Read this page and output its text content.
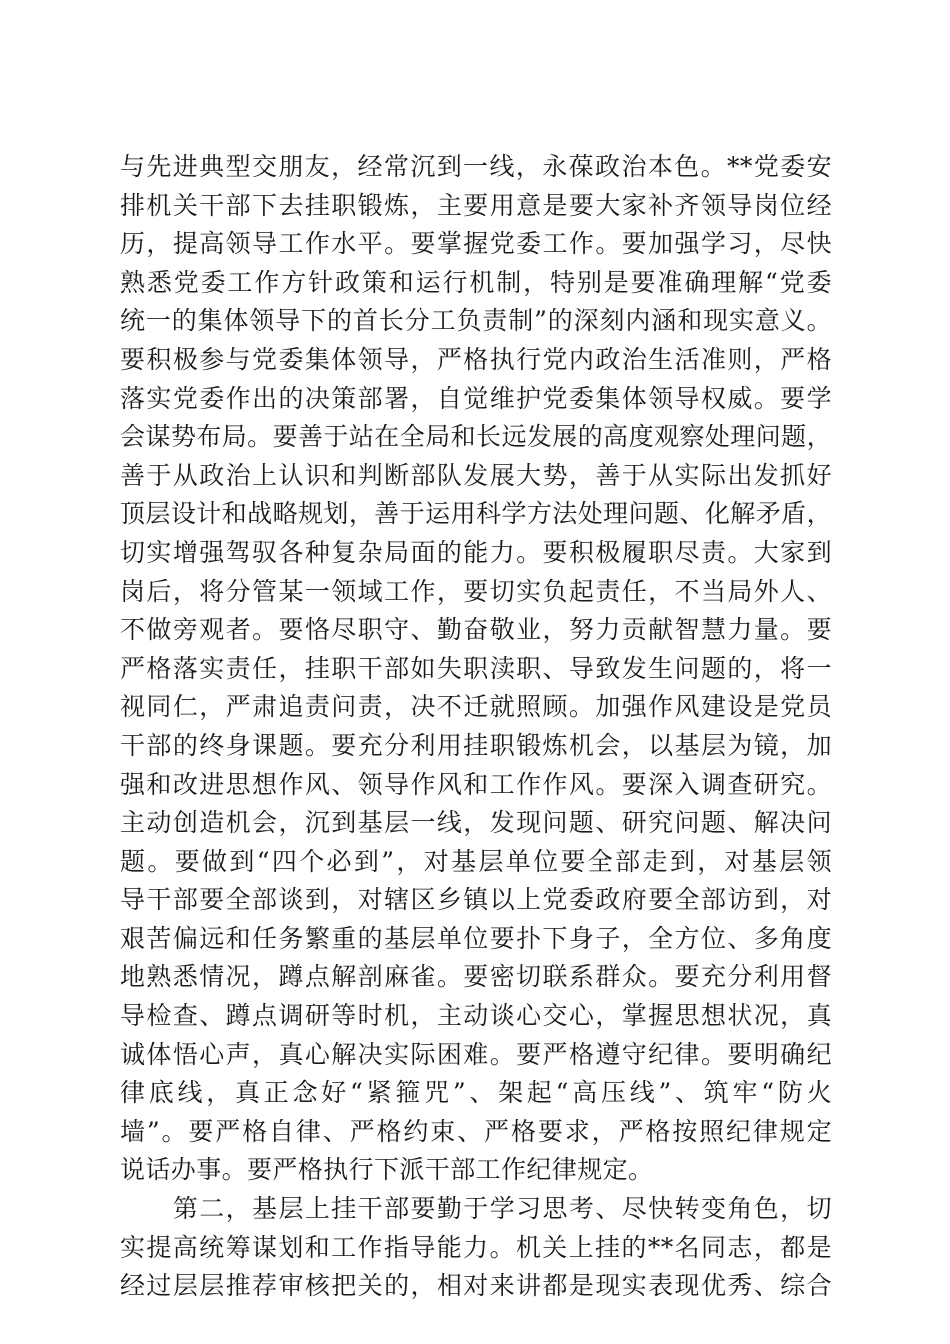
与先进典型交朋友，经常沉到一线，永葆政治本色。**党委安
排机关干部下去挂职锻炼，主要用意是要大家补齐领导岗位经
历，提高领导工作水平。要掌握党委工作。要加强学习，尽快
熟悉党委工作方针政策和运行机制，特别是要准确理解“党委
统一的集体领导下的首长分工负责制”的深刻内涵和现实意义。
要积极参与党委集体领导，严格执行党内政治生活准则，严格
落实党委作出的决策部署，自觉维护党委集体领导权威。要学
会谋势布局。要善于站在全局和长远发展的高度观察处理问题，
善于从政治上认识和判断部队发展大势，善于从实际出发抓好
顶层设计和战略规划，善于运用科学方法处理问题、化解矛盾，
切实增强驾驭各种复杂局面的能力。要积极履职尽责。大家到
岗后，将分管某一领域工作，要切实负起责任，不当局外人、
不做旁观者。要恪尽职守、勤奋敬业，努力贡献智慧力量。要
严格落实责任，挂职干部如失职渎职、导致发生问题的，将一
视同仁，严肃追责问责，决不迁就照顾。加强作风建设是党员
干部的终身课题。要充分利用挂职锻炼机会，以基层为镜，加
强和改进思想作风、领导作风和工作作风。要深入调查研究。
主动创造机会，沉到基层一线，发现问题、研究问题、解决问
题。要做到“四个必到”，对基层单位要全部走到，对基层领
导干部要全部谈到，对辖区乡镇以上党委政府要全部访到，对
艰苦偏远和任务繁重的基层单位要扑下身子，全方位、多角度
地熟悉情况，蹲点解剖麻雀。要密切联系群众。要充分利用督
导检查、蹲点调研等时机，主动谈心交心，掌握思想状况，真
诚体悟心声，真心解决实际困难。要严格遵守纪律。要明确纪
律底线，真正念好“紧箍咒”、架起“高压线”、筑牢“防火
墙”。要严格自律、严格约束、严格要求，严格按照纪律规定
说话办事。要严格执行下派干部工作纪律规定。
　　第二，基层上挂干部要勤于学习思考、尽快转变角色，切
实提高统筹谋划和工作指导能力。机关上挂的**名同志，都是
经过层层推荐审核把关的，相对来讲都是现实表现优秀、综合
